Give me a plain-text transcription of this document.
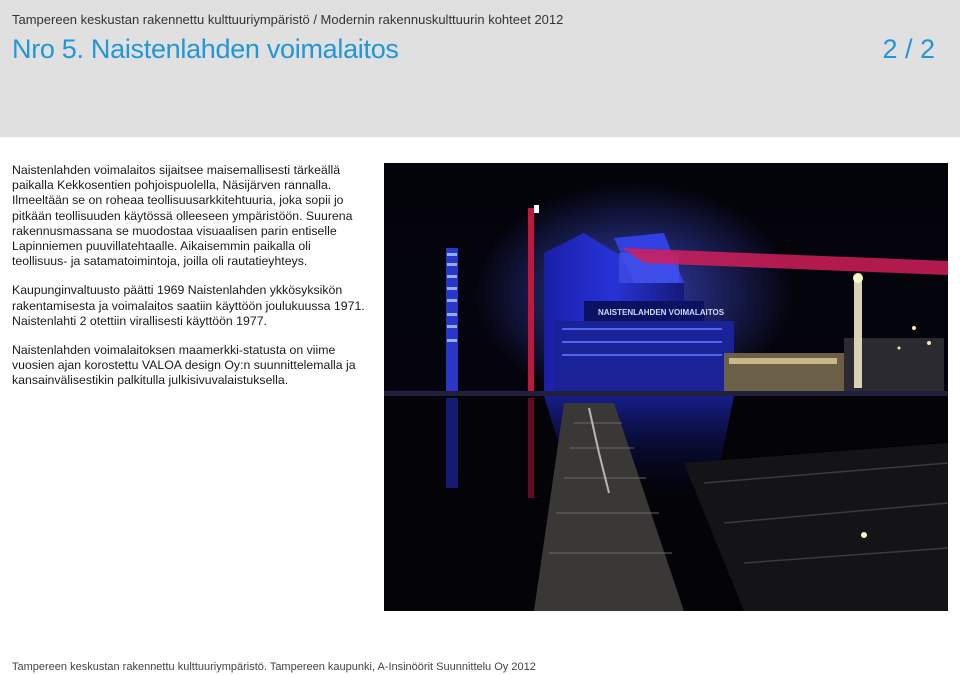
Tampereen keskustan rakennettu kulttuuriympäristö / Modernin rakennuskulttuurin kohteet 2012
Nro 5. Naistenlahden voimalaitos	2 / 2

Naistenlahden voimalaitos sijaitsee maisemallisesti tärkeällä paikalla Kekkosentien pohjoispuolella, Näsijärven rannalla. Ilmeeltään se on roheaa teollisuusarkkitehtuuria, joka sopii jo pitkään teollisuuden käytössä olleeseen ympäristöön. Suurena rakennusmassana se muodostaa visuaalisen parin entiselle Lapinniemen puuvillatehtaalle. Aikaisemmin paikalla oli teollisuus- ja satamatoimintoja, joilla oli rautatieyhteys.

Kaupunginvaltuusto päätti 1969 Naistenlahden ykkösyksikön rakentamisesta ja voimalaitos saatiin käyttöön joulukuussa 1971. Naistenlahti 2 otettiin virallisesti käyttöön 1977.

Naistenlahden voimalaitoksen maamerkki-statusta on viime vuosien ajan korostettu VALOA design Oy:n suunnittelemalla ja kansainvälisestikin palkitulla julkisivuvalaistuksella.

NAISTENLAHDEN VOIMALAITOS
Tampereen keskustan rakennettu kulttuuriympäristö. Tampereen kaupunki, A-Insinöörit Suunnittelu Oy 2012
